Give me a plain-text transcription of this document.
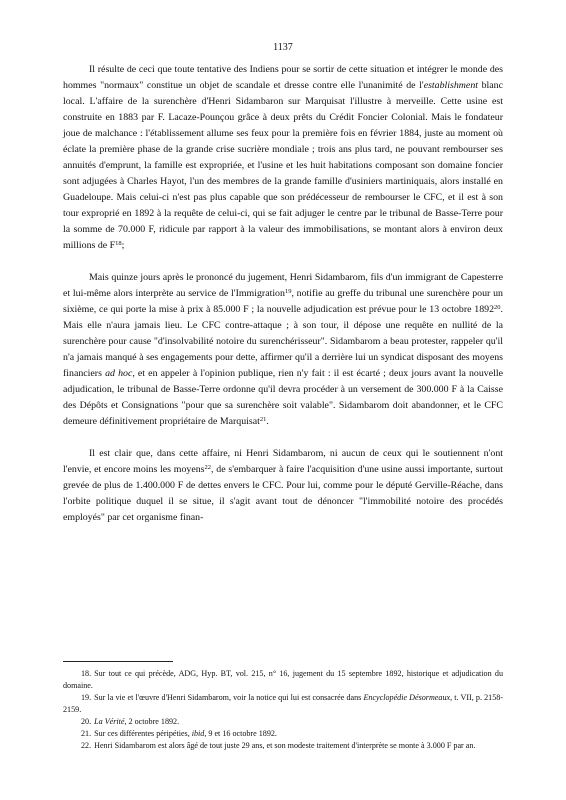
1137

Il résulte de ceci que toute tentative des Indiens pour se sortir de cette situation et intégrer le monde des hommes "normaux" constitue un objet de scandale et dresse contre elle l'unanimité de l'establishment blanc local. L'affaire de la surenchère d'Henri Sidambaron sur Marquisat l'illustre à merveille. Cette usine est construite en 1883 par F. Lacaze-Pounçou grâce à deux prêts du Crédit Foncier Colonial. Mais le fondateur joue de malchance : l'établissement allume ses feux pour la première fois en février 1884, juste au moment où éclate la première phase de la grande crise sucrière mondiale ; trois ans plus tard, ne pouvant rembourser ses annuités d'emprunt, la famille est expropriée, et l'usine et les huit habitations composant son domaine foncier sont adjugées à Charles Hayot, l'un des membres de la grande famille d'usiniers martiniquais, alors installé en Guadeloupe. Mais celui-ci n'est pas plus capable que son prédécesseur de rembourser le CFC, et il est à son tour exproprié en 1892 à la requête de celui-ci, qui se fait adjuger le centre par le tribunal de Basse-Terre pour la somme de 70.000 F, ridicule par rapport à la valeur des immobilisations, se montant alors à environ deux millions de $F^{18}$;

Mais quinze jours après le prononcé du jugement, Henri Sidambarom, fils d'un immigrant de Capesterre et lui-même alors interprète au service de l'Immigration$^{19}$, notifie au greffe du tribunal une surenchère pour un sixième, ce qui porte la mise à prix à 85.000 F ; la nouvelle adjudication est prévue pour le 13 octobre 1892$^{20}$. Mais elle n'aura jamais lieu. Le CFC contre-attaque ; à son tour, il dépose une requête en nullité de la surenchère pour cause "d'insolvabilité notoire du surenchérisseur". Sidambarom a beau protester, rappeler qu'il n'a jamais manqué à ses engagements pour dette, affirmer qu'il a derrière lui un syndicat disposant des moyens financiers ad hoc, et en appeler à l'opinion publique, rien n'y fait : il est écarté ; deux jours avant la nouvelle adjudication, le tribunal de Basse-Terre ordonne qu'il devra procéder à un versement de 300.000 F à la Caisse des Dépôts et Consignations "pour que sa surenchère soit valable". Sidambarom doit abandonner, et le CFC demeure définitivement propriétaire de Marquisat$^{21}$.

Il est clair que, dans cette affaire, ni Henri Sidambarom, ni aucun de ceux qui le soutiennent n'ont l'envie, et encore moins les moyens$^{22}$, de s'embarquer à faire l'acquisition d'une usine aussi importante, surtout grevée de plus de 1.400.000 F de dettes envers le CFC. Pour lui, comme pour le député Gerville-Réache, dans l'orbite politique duquel il se situe, il s'agit avant tout de dénoncer "l'immobilité notoire des procédés employés" par cet organisme finan-

18. Sur tout ce qui précède, ADG, Hyp. BT, vol. 215, n° 16, jugement du 15 septembre 1892, historique et adjudication du domaine.

19. Sur la vie et l'œuvre d'Henri Sidambarom, voir la notice qui lui est consacrée dans Encyclopédie Désormeaux, t. VII, p. 2158-2159.

20. La Vérité, 2 octobre 1892.

21. Sur ces différentes péripéties, ibid, 9 et 16 octobre 1892.

22. Henri Sidambarom est alors âgé de tout juste 29 ans, et son modeste traitement d'interprète se monte à 3.000 F par an.
